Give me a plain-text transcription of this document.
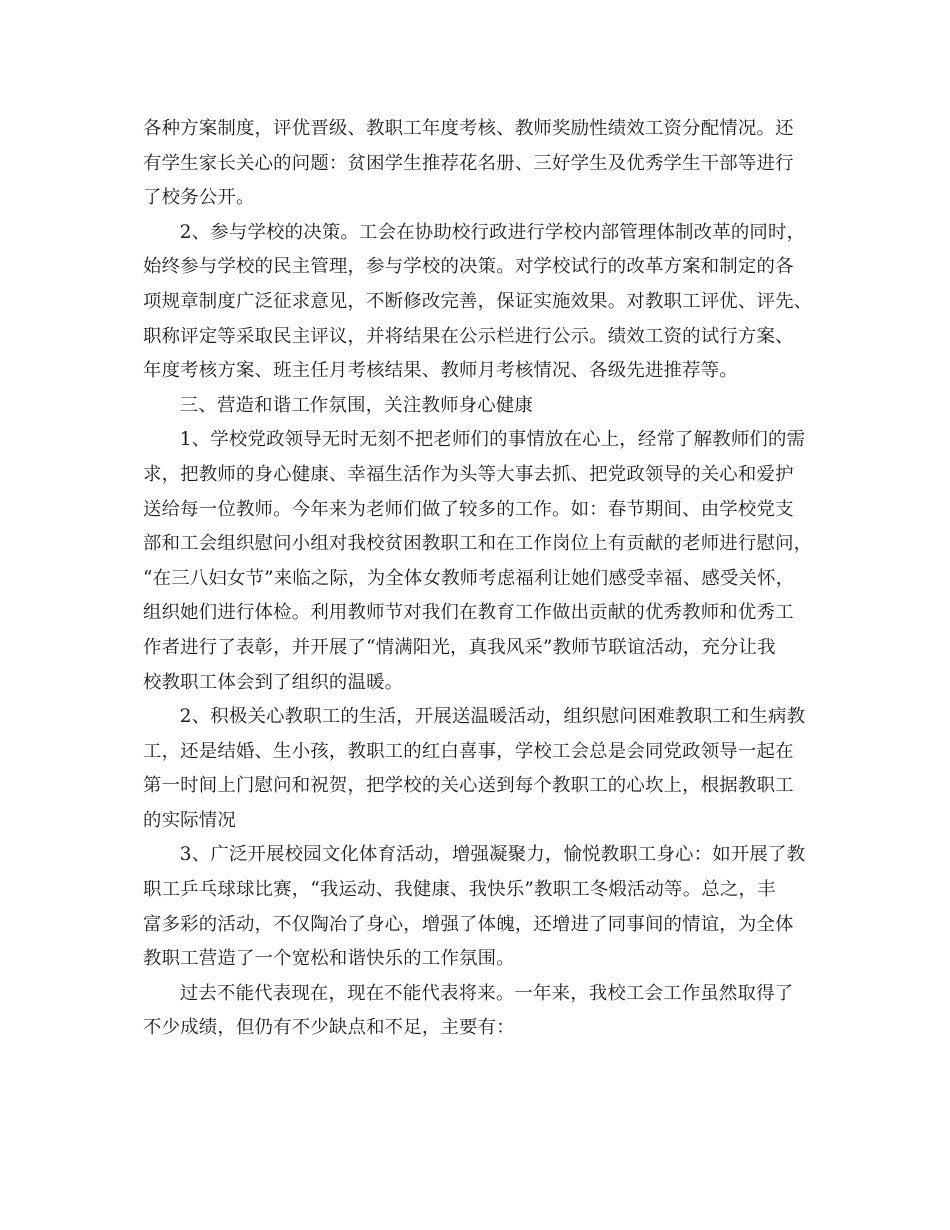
各种方案制度，评优晋级、教职工年度考核、教师奖励性绩效工资分配情况。还
有学生家长关心的问题：贫困学生推荐花名册、三好学生及优秀学生干部等进行
了校务公开。

2、参与学校的决策。工会在协助校行政进行学校内部管理体制改革的同时，
始终参与学校的民主管理，参与学校的决策。对学校试行的改革方案和制定的各
项规章制度广泛征求意见，不断修改完善，保证实施效果。对教职工评优、评先、
职称评定等采取民主评议，并将结果在公示栏进行公示。绩效工资的试行方案、
年度考核方案、班主任月考核结果、教师月考核情况、各级先进推荐等。

三、营造和谐工作氛围，关注教师身心健康

1、学校党政领导无时无刻不把老师们的事情放在心上，经常了解教师们的需
求，把教师的身心健康、幸福生活作为头等大事去抓、把党政领导的关心和爱护
送给每一位教师。今年来为老师们做了较多的工作。如：春节期间、由学校党支
部和工会组织慰问小组对我校贫困教职工和在工作岗位上有贡献的老师进行慰问，
“在三八妇女节”来临之际，为全体女教师考虑福利让她们感受幸福、感受关怀，
组织她们进行体检。利用教师节对我们在教育工作做出贡献的优秀教师和优秀工
作者进行了表彰，并开展了“情满阳光，真我风采”教师节联谊活动，充分让我
校教职工体会到了组织的温暖。

2、积极关心教职工的生活，开展送温暖活动，组织慰问困难教职工和生病教
工，还是结婚、生小孩，教职工的红白喜事，学校工会总是会同党政领导一起在
第一时间上门慰问和祝贺，把学校的关心送到每个教职工的心坎上，根据教职工
的实际情况

3、广泛开展校园文化体育活动，增强凝聚力，愉悦教职工身心：如开展了教
职工乒乓球球比赛，“我运动、我健康、我快乐”教职工冬煅活动等。总之，丰
富多彩的活动，不仅陶冶了身心，增强了体魄，还增进了同事间的情谊，为全体
教职工营造了一个宽松和谐快乐的工作氛围。

过去不能代表现在，现在不能代表将来。一年来，我校工会工作虽然取得了
不少成绩，但仍有不少缺点和不足，主要有：
